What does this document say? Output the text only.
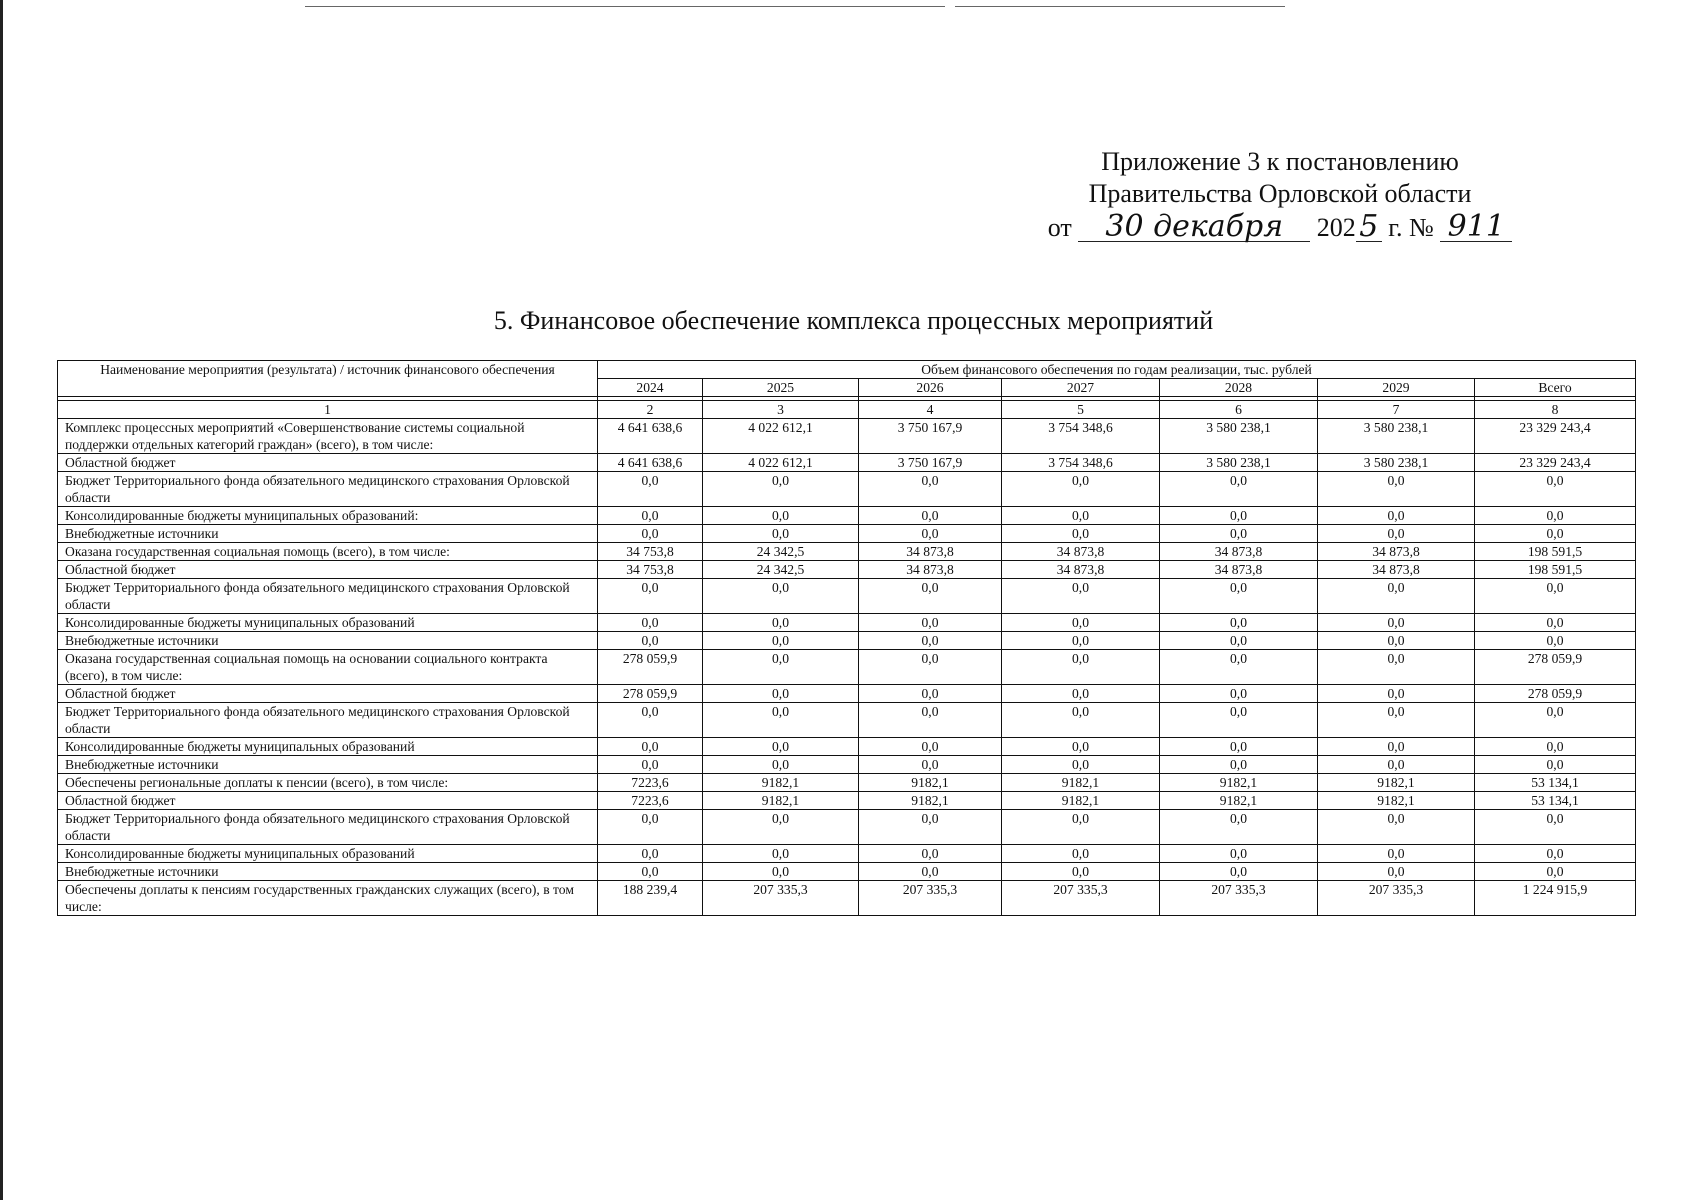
Приложение 3 к постановлению
Правительства Орловской области
от 30 декабря 202 5 г. № 911
5. Финансовое обеспечение комплекса процессных мероприятий
Наименование мероприятия (результата) / источник финансового обеспечения	Объем финансового обеспечения по годам реализации, тыс. рублей						
	2024	2025	2026	2027	2028	2029	Всего

1	2	3	4	5	6	7	8
Комплекс процессных мероприятий «Совершенствование системы социальной поддержки отдельных категорий граждан» (всего), в том числе:	4 641 638,6	4 022 612,1	3 750 167,9	3 754 348,6	3 580 238,1	3 580 238,1	23 329 243,4
Областной бюджет	4 641 638,6	4 022 612,1	3 750 167,9	3 754 348,6	3 580 238,1	3 580 238,1	23 329 243,4
Бюджет Территориального фонда обязательного медицинского страхования Орловской области	0,0	0,0	0,0	0,0	0,0	0,0	0,0
Консолидированные бюджеты муниципальных образований:	0,0	0,0	0,0	0,0	0,0	0,0	0,0
Внебюджетные источники	0,0	0,0	0,0	0,0	0,0	0,0	0,0
Оказана государственная социальная помощь (всего), в том числе:	34 753,8	24 342,5	34 873,8	34 873,8	34 873,8	34 873,8	198 591,5
Областной бюджет	34 753,8	24 342,5	34 873,8	34 873,8	34 873,8	34 873,8	198 591,5
Бюджет Территориального фонда обязательного медицинского страхования Орловской области	0,0	0,0	0,0	0,0	0,0	0,0	0,0
Консолидированные бюджеты муниципальных образований	0,0	0,0	0,0	0,0	0,0	0,0	0,0
Внебюджетные источники	0,0	0,0	0,0	0,0	0,0	0,0	0,0
Оказана государственная социальная помощь на основании социального контракта (всего), в том числе:	278 059,9	0,0	0,0	0,0	0,0	0,0	278 059,9
Областной бюджет	278 059,9	0,0	0,0	0,0	0,0	0,0	278 059,9
Бюджет Территориального фонда обязательного медицинского страхования Орловской области	0,0	0,0	0,0	0,0	0,0	0,0	0,0
Консолидированные бюджеты муниципальных образований	0,0	0,0	0,0	0,0	0,0	0,0	0,0
Внебюджетные источники	0,0	0,0	0,0	0,0	0,0	0,0	0,0
Обеспечены региональные доплаты к пенсии (всего), в том числе:	7223,6	9182,1	9182,1	9182,1	9182,1	9182,1	53 134,1
Областной бюджет	7223,6	9182,1	9182,1	9182,1	9182,1	9182,1	53 134,1
Бюджет Территориального фонда обязательного медицинского страхования Орловской области	0,0	0,0	0,0	0,0	0,0	0,0	0,0
Консолидированные бюджеты муниципальных образований	0,0	0,0	0,0	0,0	0,0	0,0	0,0
Внебюджетные источники	0,0	0,0	0,0	0,0	0,0	0,0	0,0
Обеспечены доплаты к пенсиям государственных гражданских служащих (всего), в том числе:	188 239,4	207 335,3	207 335,3	207 335,3	207 335,3	207 335,3	1 224 915,9
